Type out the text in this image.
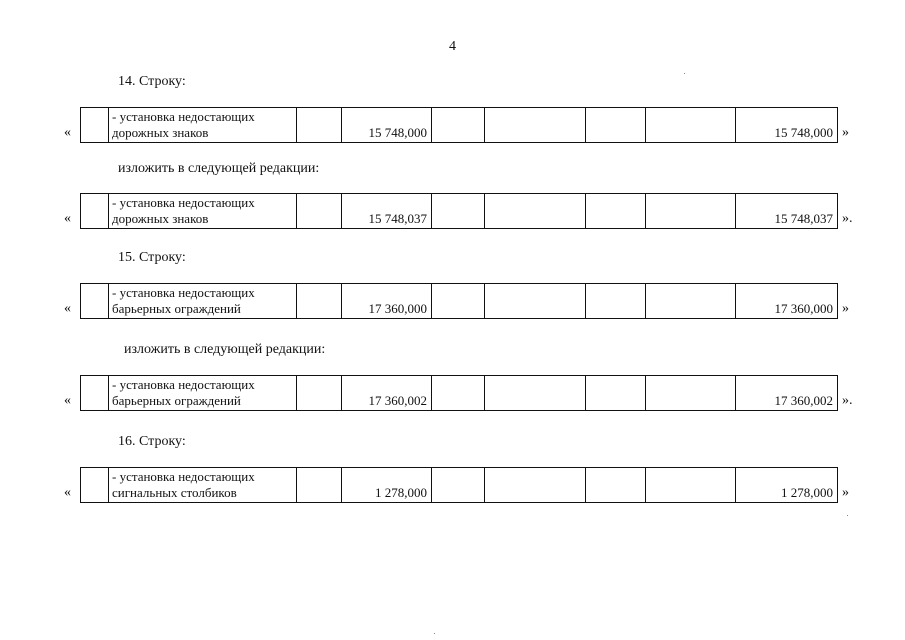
4
14. Строку:
«

- установка недостающих
дорожных знаков		15 748,000					15 748,000 »
изложить в следующей редакции:
«

- установка недостающих
дорожных знаков		15 748,037					15 748,037 ».
15. Строку:
«

- установка недостающих
барьерных ограждений		17 360,000					17 360,000 »
изложить в следующей редакции:
«

- установка недостающих
барьерных ограждений		17 360,002					17 360,002 ».
16. Строку:
«

- установка недостающих
сигнальных столбиков		1 278,000					1 278,000 »
